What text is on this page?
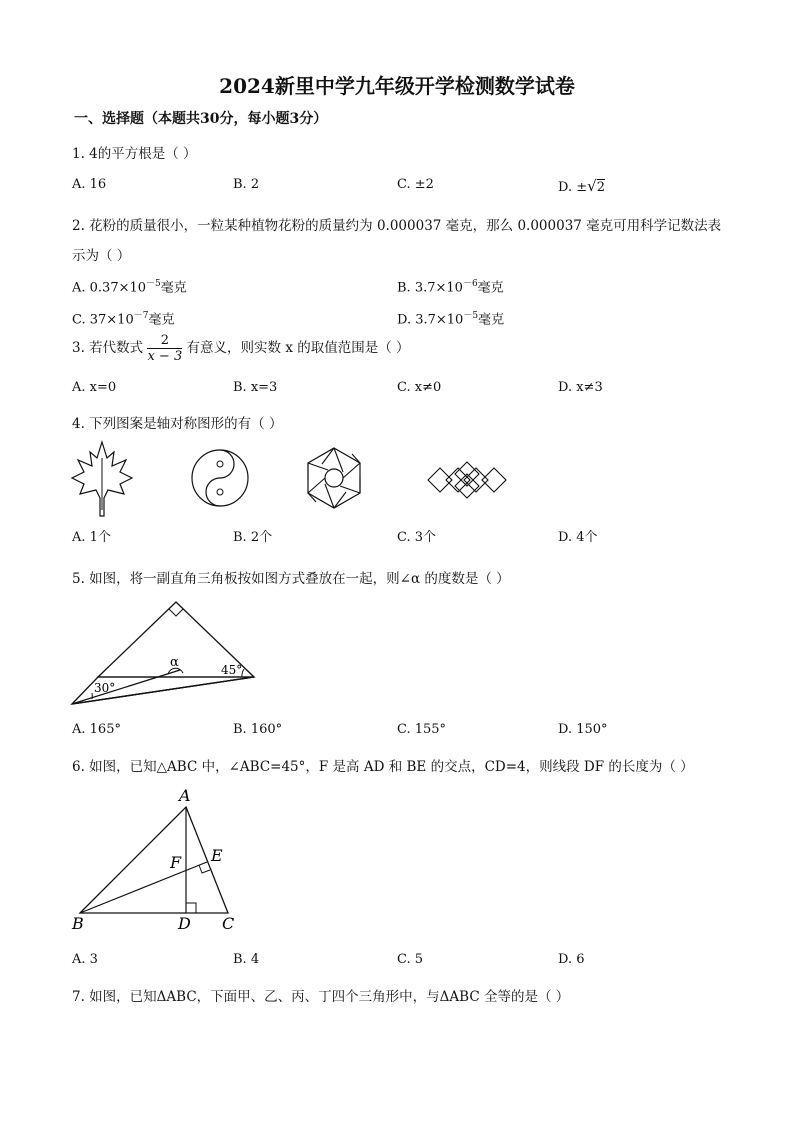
2024新里中学九年级开学检测数学试卷
一、选择题（本题共30分，每小题3分）
1. 4的平方根是（ ）
A. 16	B. 2	C. ±2	D. ±√2
2. 花粉的质量很小，一粒某种植物花粉的质量约为 0.000037 毫克，那么 0.000037 毫克可用科学记数法表
示为（ ）
A. $0.37\times 10^{-5}$毫克	B. $3.7\times 10^{-6}$毫克
C. $37\times 10^{-7}$毫克	D. $3.7\times 10^{-5}$毫克
3. 若代数式 $\frac{2}{x - 3}$ 有意义，则实数 x 的取值范围是（ ）
A. x=0	B. x=3	C. x≠0	D. x≠3
4. 下列图案是轴对称图形的有（ ）
A. 1个	B. 2个	C. 3个	D. 4个
5. 如图，将一副直角三角板按如图方式叠放在一起，则∠α 的度数是（ ）
α
30°
45°
A. 165°	B. 160°	C. 155°	D. 150°
6. 如图，已知△ABC 中，∠ABC=45°，F 是高 AD 和 BE 的交点，CD=4，则线段 DF 的长度为（ ）
A
B	C
D
E
F
A. 3	B. 4	C. 5	D. 6
7. 如图，已知ΔABC，下面甲、乙、丙、丁四个三角形中，与ΔABC 全等的是（ ）
